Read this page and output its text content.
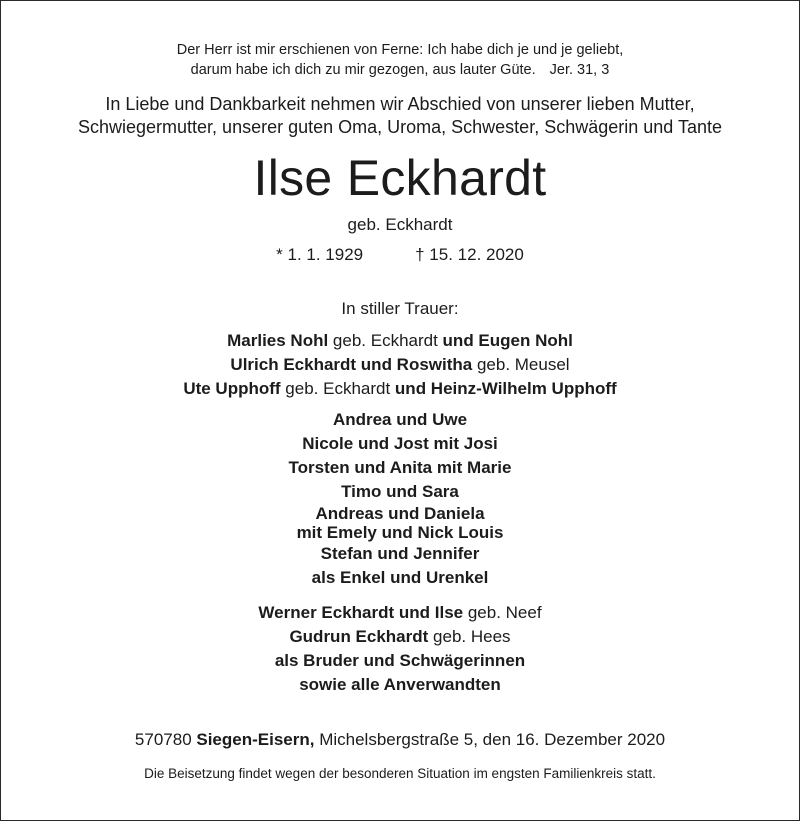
Der Herr ist mir erschienen von Ferne: Ich habe dich je und je geliebt,
darum habe ich dich zu mir gezogen, aus lauter Güte. Jer. 31, 3
In Liebe und Dankbarkeit nehmen wir Abschied von unserer lieben Mutter,
Schwiegermutter, unserer guten Oma, Uroma, Schwester, Schwägerin und Tante
Ilse Eckhardt
geb. Eckhardt
* 1. 1. 1929	† 15. 12. 2020
In stiller Trauer:
Marlies Nohl geb. Eckhardt und Eugen Nohl
Ulrich Eckhardt und Roswitha geb. Meusel
Ute Upphoff geb. Eckhardt und Heinz-Wilhelm Upphoff
Andrea und Uwe
Nicole und Jost mit Josi
Torsten und Anita mit Marie
Timo und Sara
Andreas und Daniela
mit Emely und Nick Louis
Stefan und Jennifer
als Enkel und Urenkel
Werner Eckhardt und Ilse geb. Neef
Gudrun Eckhardt geb. Hees
als Bruder und Schwägerinnen
sowie alle Anverwandten
570780 Siegen-Eisern, Michelsbergstraße 5, den 16. Dezember 2020
Die Beisetzung findet wegen der besonderen Situation im engsten Familienkreis statt.
